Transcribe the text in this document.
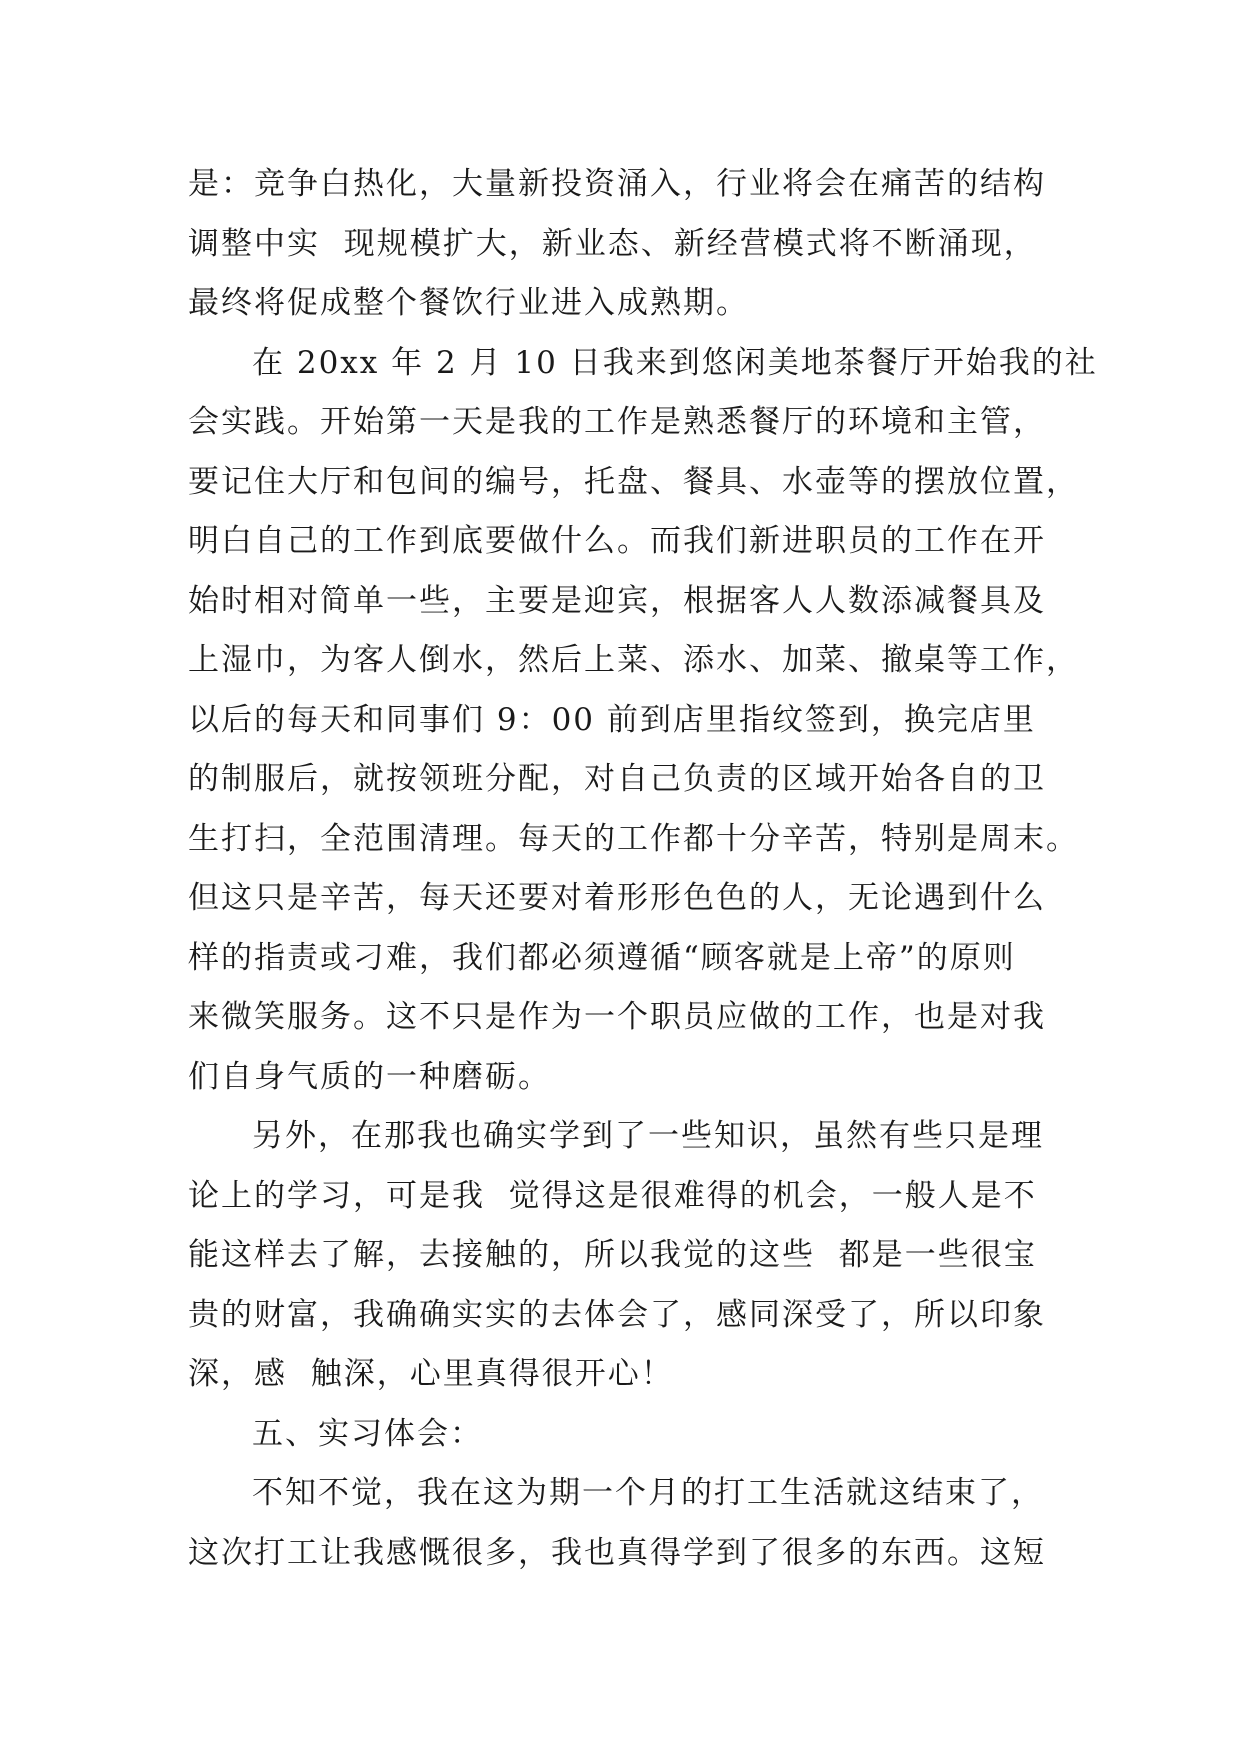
是：竞争白热化，大量新投资涌入，行业将会在痛苦的结构
调整中实  现规模扩大，新业态、新经营模式将不断涌现，
最终将促成整个餐饮行业进入成熟期。
在 20xx 年 2 月 10 日我来到悠闲美地茶餐厅开始我的社
会实践。开始第一天是我的工作是熟悉餐厅的环境和主管，
要记住大厅和包间的编号，托盘、餐具、水壶等的摆放位置，
明白自己的工作到底要做什么。而我们新进职员的工作在开
始时相对简单一些，主要是迎宾，根据客人人数添减餐具及
上湿巾，为客人倒水，然后上菜、添水、加菜、撤桌等工作，
以后的每天和同事们 9：00 前到店里指纹签到，换完店里
的制服后，就按领班分配，对自己负责的区域开始各自的卫
生打扫，全范围清理。每天的工作都十分辛苦，特别是周末。
但这只是辛苦，每天还要对着形形色色的人，无论遇到什么
样的指责或刁难，我们都必须遵循“顾客就是上帝”的原则
来微笑服务。这不只是作为一个职员应做的工作，也是对我
们自身气质的一种磨砺。
另外，在那我也确实学到了一些知识，虽然有些只是理
论上的学习，可是我  觉得这是很难得的机会，一般人是不
能这样去了解，去接触的，所以我觉的这些  都是一些很宝
贵的财富，我确确实实的去体会了，感同深受了，所以印象
深，感  触深，心里真得很开心！
五、实习体会：
不知不觉，我在这为期一个月的打工生活就这结束了，
这次打工让我感慨很多，我也真得学到了很多的东西。这短
